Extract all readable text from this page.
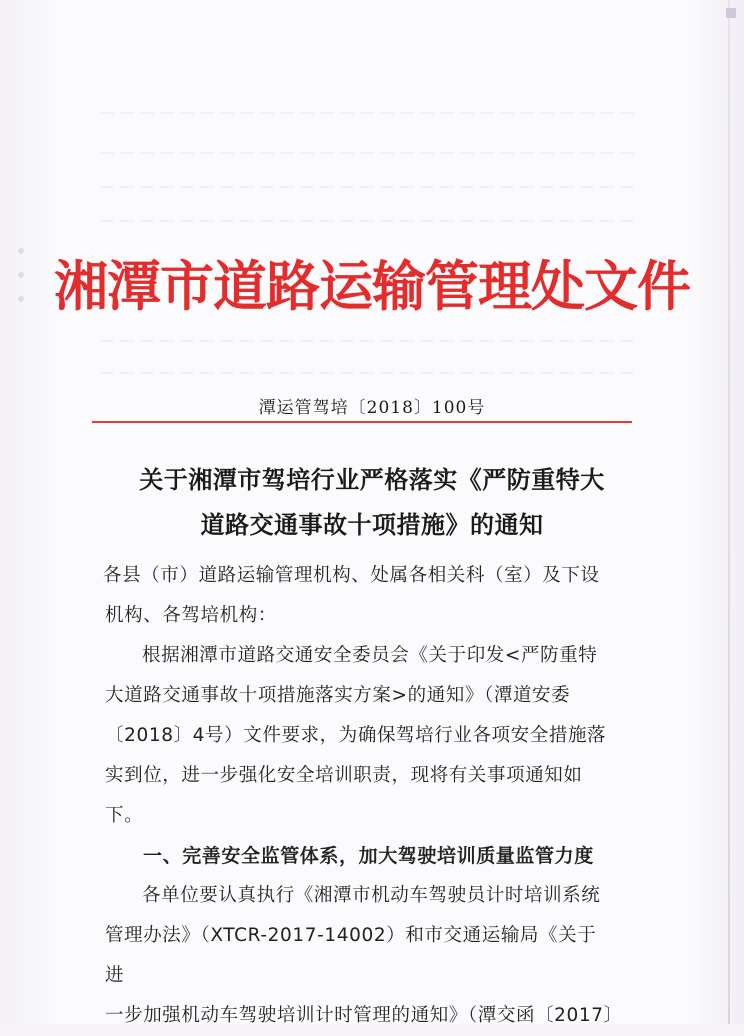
湘潭市道路运输管理处文件
潭运管驾培〔2018〕100号
关于湘潭市驾培行业严格落实《严防重特大
道路交通事故十项措施》的通知

各县（市）道路运输管理机构、处属各相关科（室）及下设

机构、各驾培机构：

根据湘潭市道路交通安全委员会《关于印发<严防重特

大道路交通事故十项措施落实方案>的通知》（潭道安委

〔2018〕4号）文件要求，为确保驾培行业各项安全措施落

实到位，进一步强化安全培训职责，现将有关事项通知如下。

一、完善安全监管体系，加大驾驶培训质量监管力度

各单位要认真执行《湘潭市机动车驾驶员计时培训系统

管理办法》（XTCR-2017-14002）和市交通运输局《关于进

一步加强机动车驾驶培训计时管理的通知》（潭交函〔2017〕
